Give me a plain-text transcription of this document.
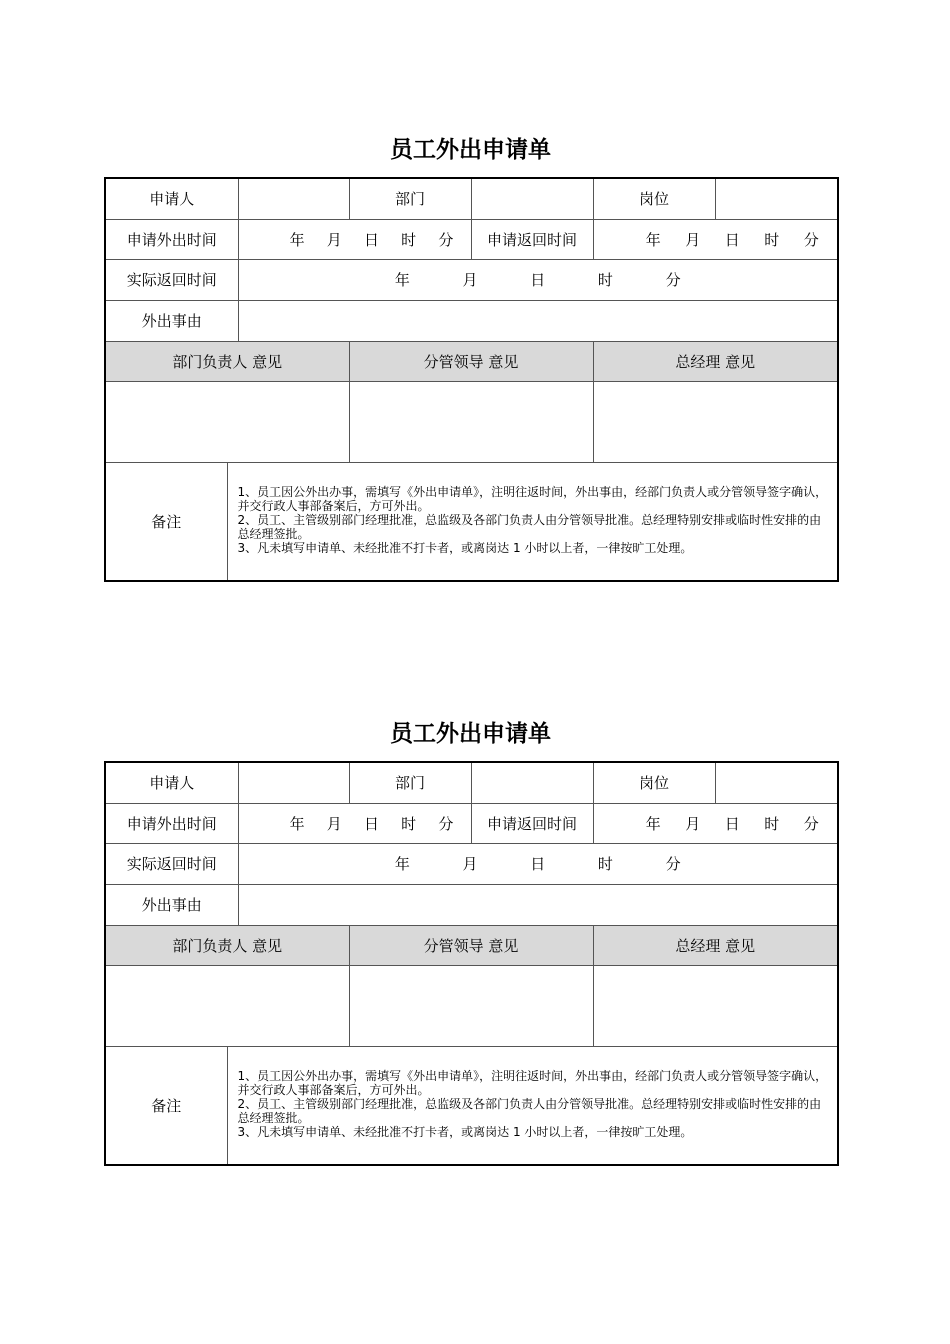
员工外出申请单
申请人			部门		岗位	
申请外出时间		年 月 日 时 分		申请返回时间	年 月 日 时 分	

实际返回时间		年 月 日 时 分				

外出事由						
部门负责人 意见			分管领导 意见		总经理 意见	

备注	1、员工因公外出办事，需填写《外出申请单》，注明往返时间，外出事由，经部门负责人或分管领导签字确认，并交行政人事部备案后，方可外出。
2、员工、主管级别部门经理批准，总监级及各部门负责人由分管领导批准。总经理特别安排或临时性安排的由总经理签批。
3、凡未填写申请单、未经批准不打卡者，或离岗达 1 小时以上者，一律按旷工处理。					
员工外出申请单
申请人			部门		岗位	
申请外出时间		年 月 日 时 分		申请返回时间	年 月 日 时 分	

实际返回时间		年 月 日 时 分				

外出事由						
部门负责人 意见			分管领导 意见		总经理 意见	

备注	1、员工因公外出办事，需填写《外出申请单》，注明往返时间，外出事由，经部门负责人或分管领导签字确认，并交行政人事部备案后，方可外出。
2、员工、主管级别部门经理批准，总监级及各部门负责人由分管领导批准。总经理特别安排或临时性安排的由总经理签批。
3、凡未填写申请单、未经批准不打卡者，或离岗达 1 小时以上者，一律按旷工处理。					
